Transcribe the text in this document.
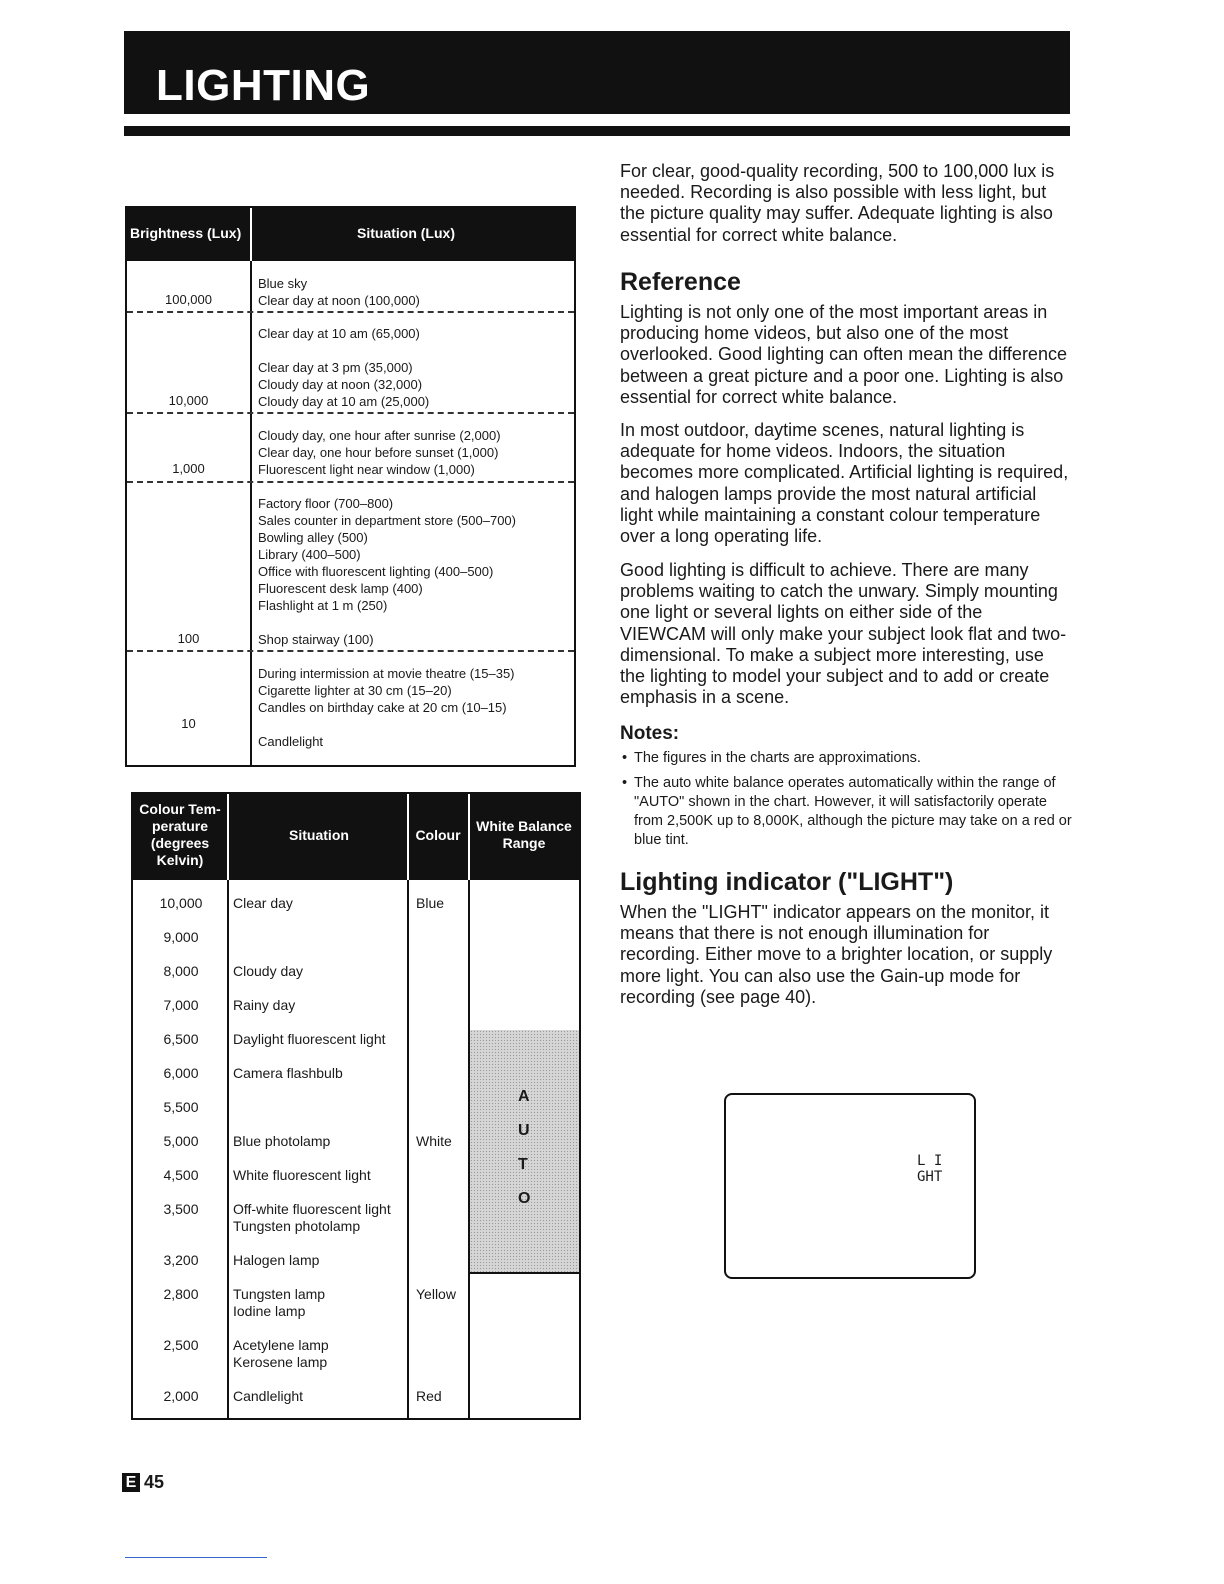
LIGHTING
Brightness (Lux)	Situation (Lux)
Blue sky
Clear day at noon (100,000)
100,000
Clear day at 10 am (65,000)
Clear day at 3 pm (35,000)
Cloudy day at noon (32,000)
Cloudy day at 10 am (25,000)
10,000
Cloudy day, one hour after sunrise (2,000)
Clear day, one hour before sunset (1,000)
Fluorescent light near window (1,000)
1,000
Factory floor (700–800)
Sales counter in department store (500–700)
Bowling alley (500)
Library (400–500)
Office with fluorescent lighting (400–500)
Fluorescent desk lamp (400)
Flashlight at 1 m (250)
Shop stairway (100)
100
During intermission at movie theatre (15–35)
Cigarette lighter at 30 cm (15–20)
Candles on birthday cake at 20 cm (10–15)
10
Candlelight
Colour Tem-
perature
(degrees
Kelvin)
Situation	Colour
White Balance
Range
A
U
T
O
10,000
9,000
8,000
7,000
6,500
6,000
5,500
5,000
4,500
3,500
3,200
2,800
2,500
2,000
Clear day
Cloudy day
Rainy day
Daylight fluorescent light
Camera flashbulb
Blue photolamp
White fluorescent light
Off-white fluorescent light
Tungsten photolamp
Halogen lamp
Tungsten lamp
Iodine lamp
Acetylene lamp
Kerosene lamp
Candlelight
Blue
White
Yellow
Red

For clear, good-quality recording, 500 to 100,000 lux is needed. Recording is also possible with less light, but the picture quality may suffer. Adequate lighting is also essential for correct white balance.

Reference

Lighting is not only one of the most important areas in producing home videos, but also one of the most overlooked. Good lighting can often mean the difference between a great picture and a poor one. Lighting is also essential for correct white balance.

In most outdoor, daytime scenes, natural lighting is adequate for home videos. Indoors, the situation becomes more complicated. Artificial lighting is required, and halogen lamps provide the most natural artificial light while maintaining a constant colour temperature over a long operating life.

Good lighting is difficult to achieve. There are many problems waiting to catch the unwary. Simply mounting one light or several lights on either side of the VIEWCAM will only make your subject look flat and two-dimensional. To make a subject more interesting, use the lighting to model your subject and to add or create emphasis in a scene.

Notes:
• The figures in the charts are approximations.
• The auto white balance operates automatically within the range of "AUTO" shown in the chart. However, it will satisfactorily operate from 2,500K up to 8,000K, although the picture may take on a red or blue tint.
Lighting indicator ("LIGHT")

When the "LIGHT" indicator appears on the monitor, it means that there is not enough illumination for recording. Either move to a brighter location, or supply more light. You can also use the Gain-up mode for recording (see page 40).

L I GHT
E 45
